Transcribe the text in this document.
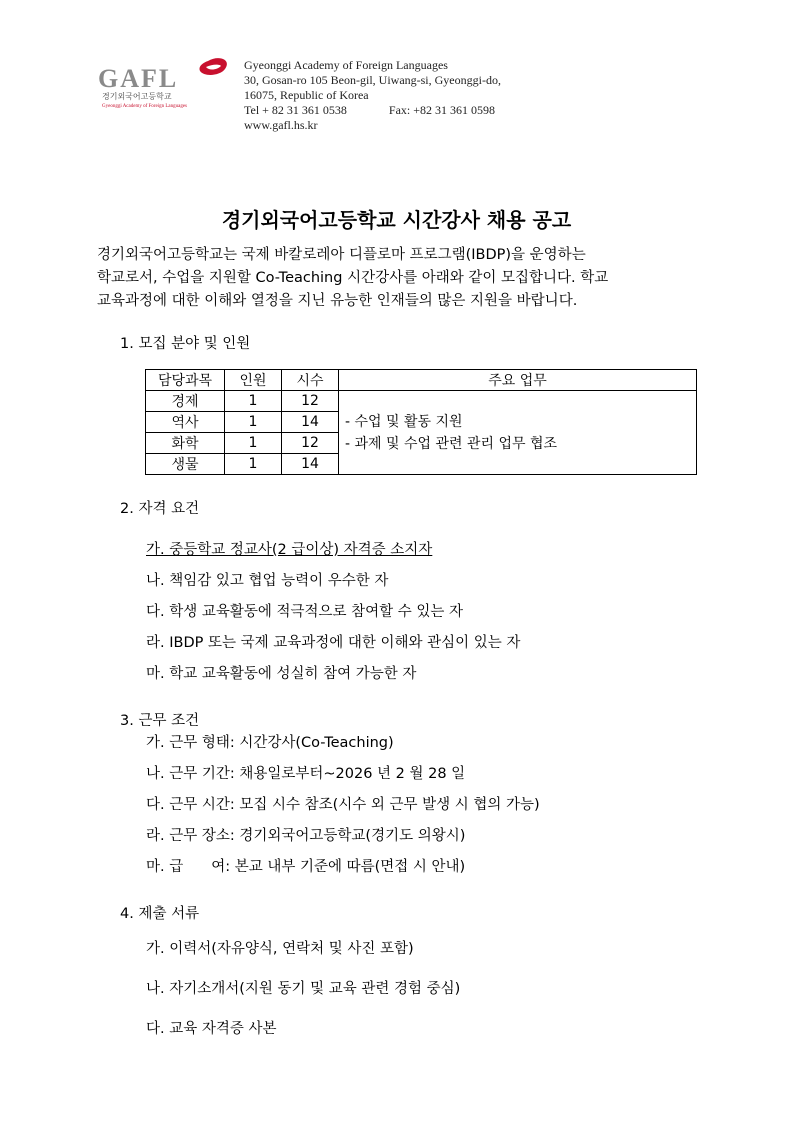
GAFL
경기외국어고등학교
Gyeonggi Academy of Foreign Languages
Gyeonggi Academy of Foreign Languages
30, Gosan-ro 105 Beon-gil, Uiwang-si, Gyeonggi-do,
16075, Republic of Korea
Tel + 82 31 361 0538	Fax: +82 31 361 0598
www.gafl.hs.kr
경기외국어고등학교 시간강사 채용 공고
경기외국어고등학교는 국제 바칼로레아 디플로마 프로그램(IBDP)을 운영하는
학교로서, 수업을 지원할 Co-Teaching 시간강사를 아래와 같이 모집합니다. 학교
교육과정에 대한 이해와 열정을 지닌 유능한 인재들의 많은 지원을 바랍니다.
1. 모집 분야 및 인원
담당과목	인원	시수	주요 업무
경제	1	12	- 수업 및 활동 지원
- 과제 및 수업 관련 관리 업무 협조

역사	1	14	
화학	1	12	
생물	1	14	
2. 자격 요건
가. 중등학교 정교사(2 급이상) 자격증 소지자
나. 책임감 있고 협업 능력이 우수한 자
다. 학생 교육활동에 적극적으로 참여할 수 있는 자
라. IBDP 또는 국제 교육과정에 대한 이해와 관심이 있는 자
마. 학교 교육활동에 성실히 참여 가능한 자
3. 근무 조건
가. 근무 형태: 시간강사(Co-Teaching)
나. 근무 기간: 채용일로부터~2026 년 2 월 28 일
다. 근무 시간: 모집 시수 참조(시수 외 근무 발생 시 협의 가능)
라. 근무 장소: 경기외국어고등학교(경기도 의왕시)
마. 급 여: 본교 내부 기준에 따름(면접 시 안내)
4. 제출 서류
가. 이력서(자유양식, 연락처 및 사진 포함)
나. 자기소개서(지원 동기 및 교육 관련 경험 중심)
다. 교육 자격증 사본
